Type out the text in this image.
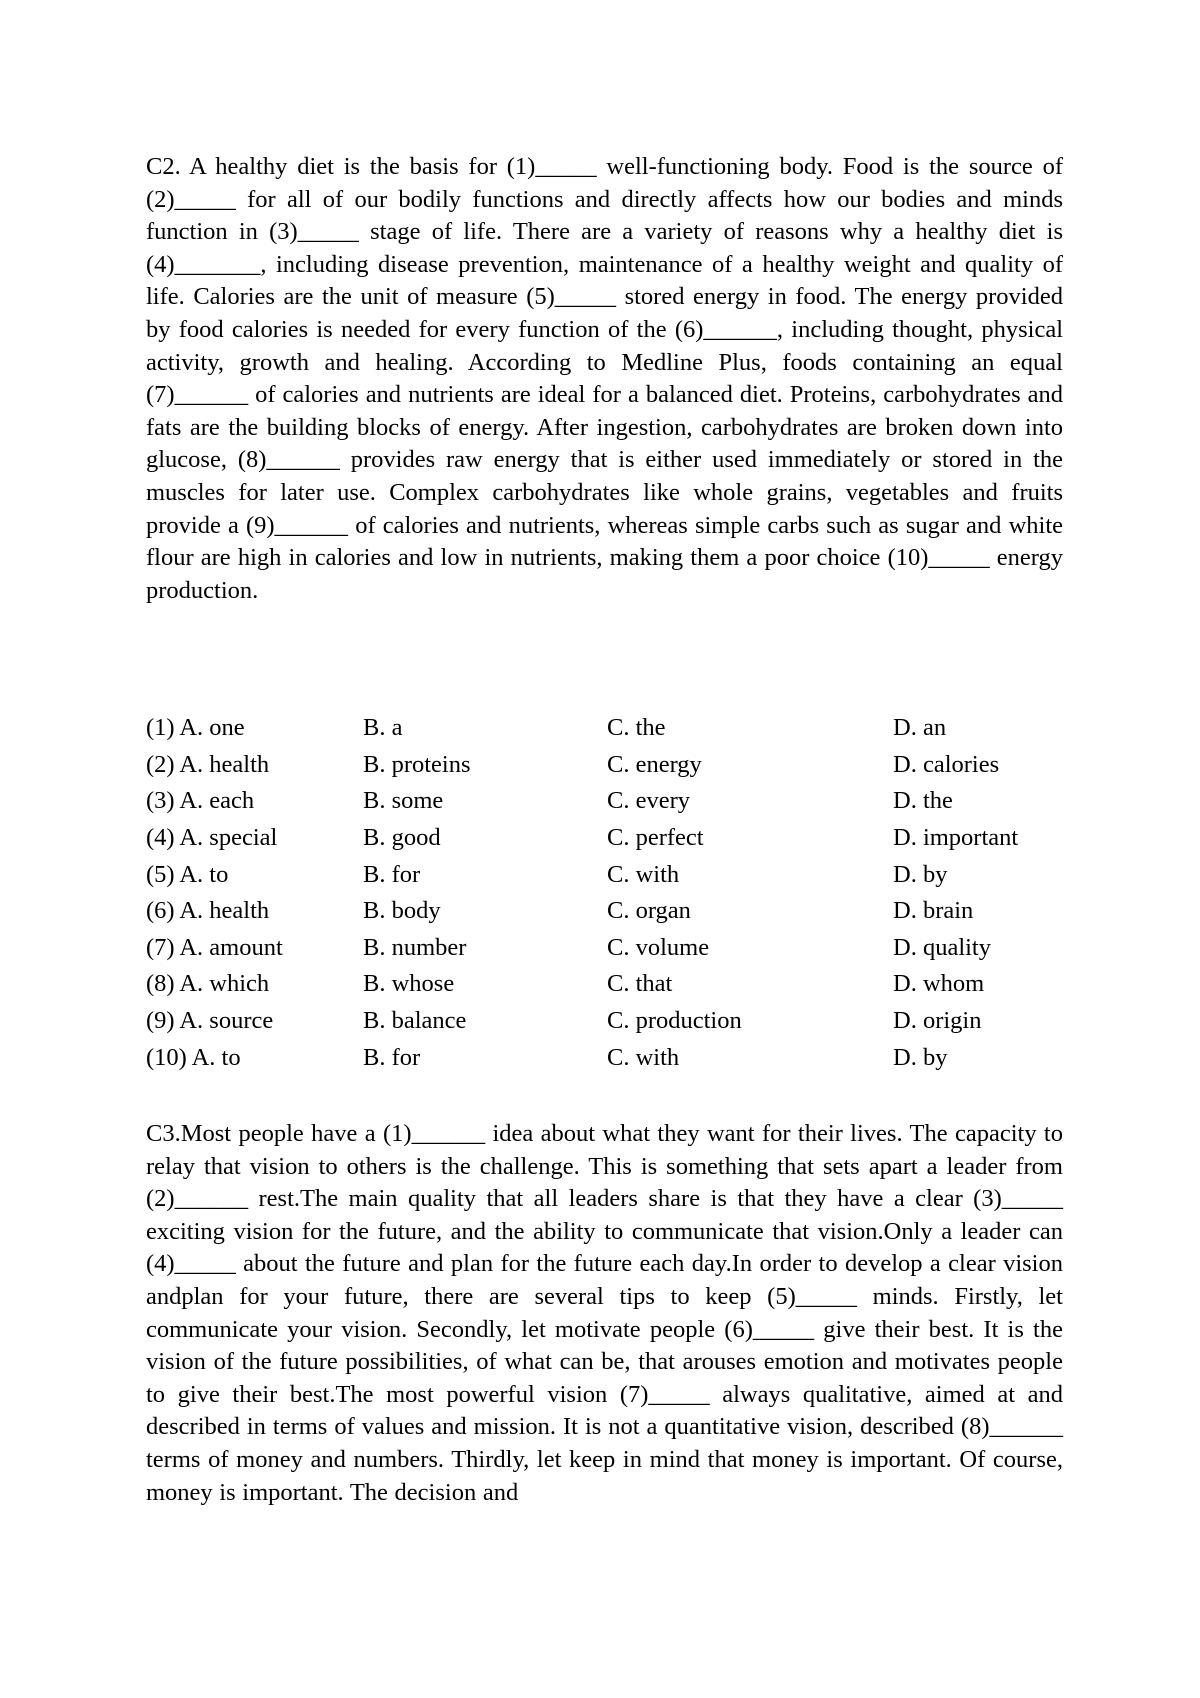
C2. A healthy diet is the basis for (1)_____ well-functioning body. Food is the source of (2)_____ for all of our bodily functions and directly affects how our bodies and minds function in (3)_____ stage of life. There are a variety of reasons why a healthy diet is (4)_______, including disease prevention, maintenance of a healthy weight and quality of life. Calories are the unit of measure (5)_____ stored energy in food. The energy provided by food calories is needed for every function of the (6)______, including thought, physical activity, growth and healing. According to Medline Plus, foods containing an equal (7)______ of calories and nutrients are ideal for a balanced diet. Proteins, carbohydrates and fats are the building blocks of energy. After ingestion, carbohydrates are broken down into glucose, (8)______ provides raw energy that is either used immediately or stored in the muscles for later use. Complex carbohydrates like whole grains, vegetables and fruits provide a (9)______ of calories and nutrients, whereas simple carbs such as sugar and white flour are high in calories and low in nutrients, making them a poor choice (10)_____ energy production.

(1) A. one	B. a	C. the	D. an
(2) A. health	B. proteins	C. energy	D. calories
(3) A. each	B. some	C. every	D. the
(4) A. special	B. good	C. perfect	D. important
(5) A. to	B. for	C. with	D. by
(6) A. health	B. body	C. organ	D. brain
(7) A. amount	B. number	C. volume	D. quality
(8) A. which	B. whose	C. that	D. whom
(9) A. source	B. balance	C. production	D. origin
(10) A. to	B. for	C. with	D. by

C3.Most people have a (1)______ idea about what they want for their lives. The capacity to relay that vision to others is the challenge. This is something that sets apart a leader from (2)______ rest.The main quality that all leaders share is that they have a clear (3)_____ exciting vision for the future, and the ability to communicate that vision.Only a leader can (4)_____ about the future and plan for the future each day.In order to develop a clear vision andplan for your future, there are several tips to keep (5)_____ minds. Firstly, let communicate your vision. Secondly, let motivate people (6)_____ give their best. It is the vision of the future possibilities, of what can be, that arouses emotion and motivates people to give their best.The most powerful vision (7)_____ always qualitative, aimed at and described in terms of values and mission. It is not a quantitative vision, described (8)______ terms of money and numbers. Thirdly, let keep in mind that money is important. Of course, money is important. The decision and
